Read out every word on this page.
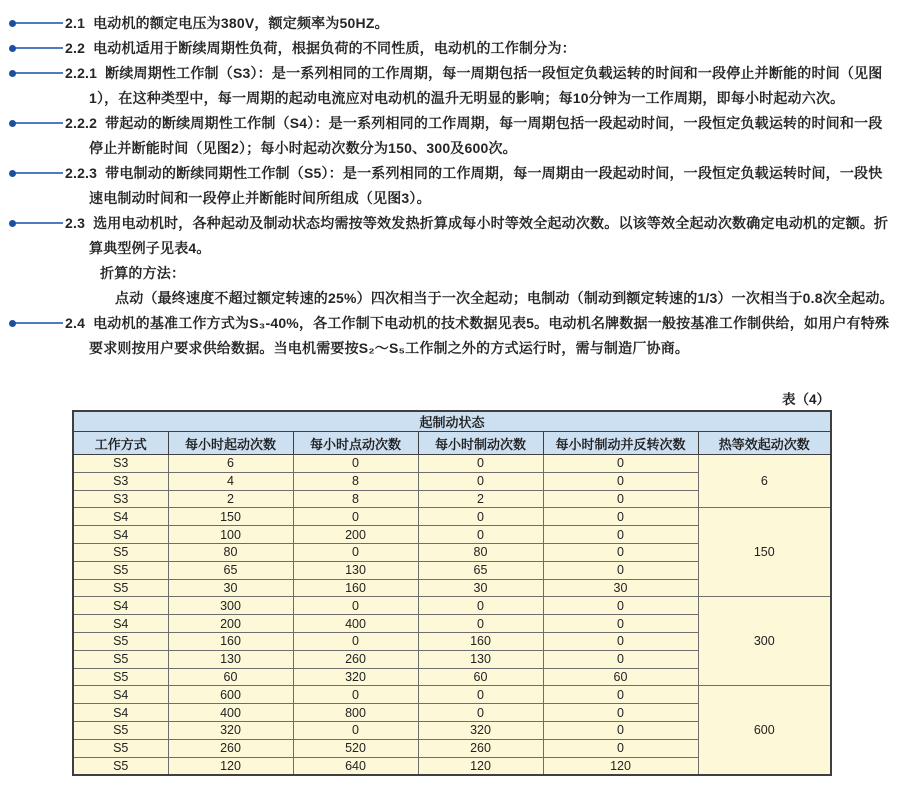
2.1 电动机的额定电压为380V，额定频率为50HZ。
2.2 电动机适用于断续周期性负荷，根据负荷的不同性质，电动机的工作制分为：
2.2.1 断续周期性工作制（S3）：是一系列相同的工作周期，每一周期包括一段恒定负载运转的时间和一段停止并断能的时间（见图1），在这种类型中，每一周期的起动电流应对电动机的温升无明显的影响；每10分钟为一工作周期，即每小时起动六次。
2.2.2 带起动的断续周期性工作制（S4）：是一系列相同的工作周期，每一周期包括一段起动时间，一段恒定负载运转的时间和一段停止并断能时间（见图2）；每小时起动次数分为150、300及600次。
2.2.3 带电制动的断续同期性工作制（S5）：是一系列相同的工作周期，每一周期由一段起动时间，一段恒定负载运转时间，一段快速电制动时间和一段停止并断能时间所组成（见图3）。
2.3 选用电动机时，各种起动及制动状态均需按等效发热折算成每小时等效全起动次数。以该等效全起动次数确定电动机的定额。折算典型例子见表4。
折算的方法：
点动（最终速度不超过额定转速的25%）四次相当于一次全起动；电制动（制动到额定转速的1/3）一次相当于0.8次全起动。
2.4 电动机的基准工作方式为S₃-40%，各工作制下电动机的技术数据见表5。电动机名牌数据一般按基准工作制供给，如用户有特殊要求则按用户要求供给数据。当电机需要按S₂～S₅工作制之外的方式运行时，需与制造厂协商。
表（4）
起制动状态					
工作方式	每小时起动次数	每小时点动次数	每小时制动次数	每小时制动并反转次数	热等效起动次数
S3	6	0	0	0	6
S3	4	8	0	0	
S3	2	8	2	0	
S4	150	0	0	0	150
S4	100	200	0	0	
S5	80	0	80	0	
S5	65	130	65	0	
S5	30	160	30	30	
S4	300	0	0	0	300
S4	200	400	0	0	
S5	160	0	160	0	
S5	130	260	130	0	
S5	60	320	60	60	
S4	600	0	0	0	600
S4	400	800	0	0	
S5	320	0	320	0	
S5	260	520	260	0	
S5	120	640	120	120	
